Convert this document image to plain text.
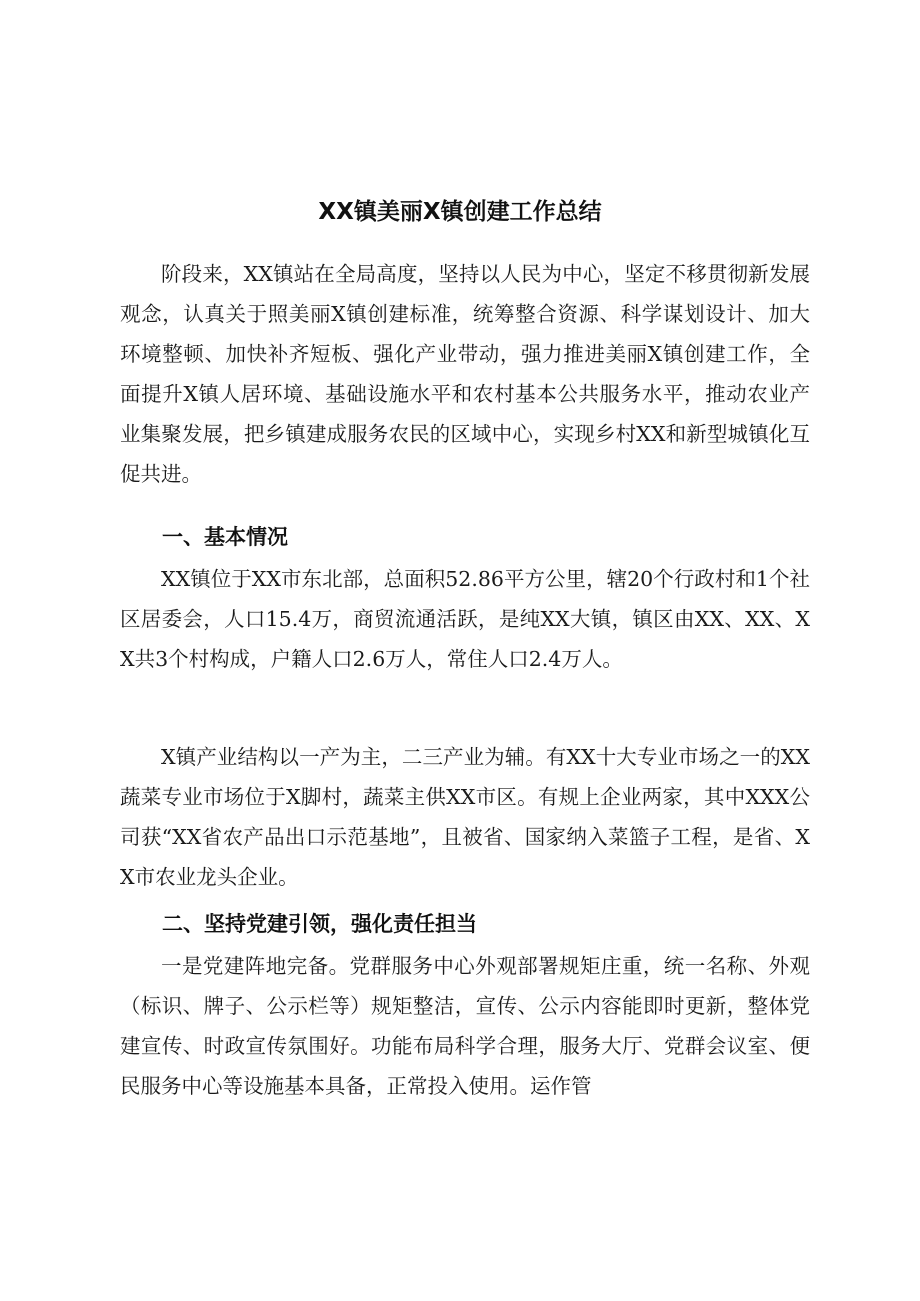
XX镇美丽X镇创建工作总结

阶段来，XX镇站在全局高度，坚持以人民为中心，坚定不移贯彻新发展观念，认真关于照美丽X镇创建标准，统筹整合资源、科学谋划设计、加大环境整顿、加快补齐短板、强化产业带动，强力推进美丽X镇创建工作，全面提升X镇人居环境、基础设施水平和农村基本公共服务水平，推动农业产业集聚发展，把乡镇建成服务农民的区域中心，实现乡村XX和新型城镇化互促共进。

一、基本情况

XX镇位于XX市东北部，总面积52.86平方公里，辖20个行政村和1个社区居委会，人口15.4万，商贸流通活跃，是纯XX大镇，镇区由XX、XX、XX共3个村构成，户籍人口2.6万人，常住人口2.4万人。

X镇产业结构以一产为主，二三产业为辅。有XX十大专业市场之一的XX蔬菜专业市场位于X脚村，蔬菜主供XX市区。有规上企业两家，其中XXX公司获“XX省农产品出口示范基地”，且被省、国家纳入菜篮子工程，是省、XX市农业龙头企业。

二、坚持党建引领，强化责任担当

一是党建阵地完备。党群服务中心外观部署规矩庄重，统一名称、外观（标识、牌子、公示栏等）规矩整洁，宣传、公示内容能即时更新，整体党建宣传、时政宣传氛围好。功能布局科学合理，服务大厅、党群会议室、便民服务中心等设施基本具备，正常投入使用。运作管
